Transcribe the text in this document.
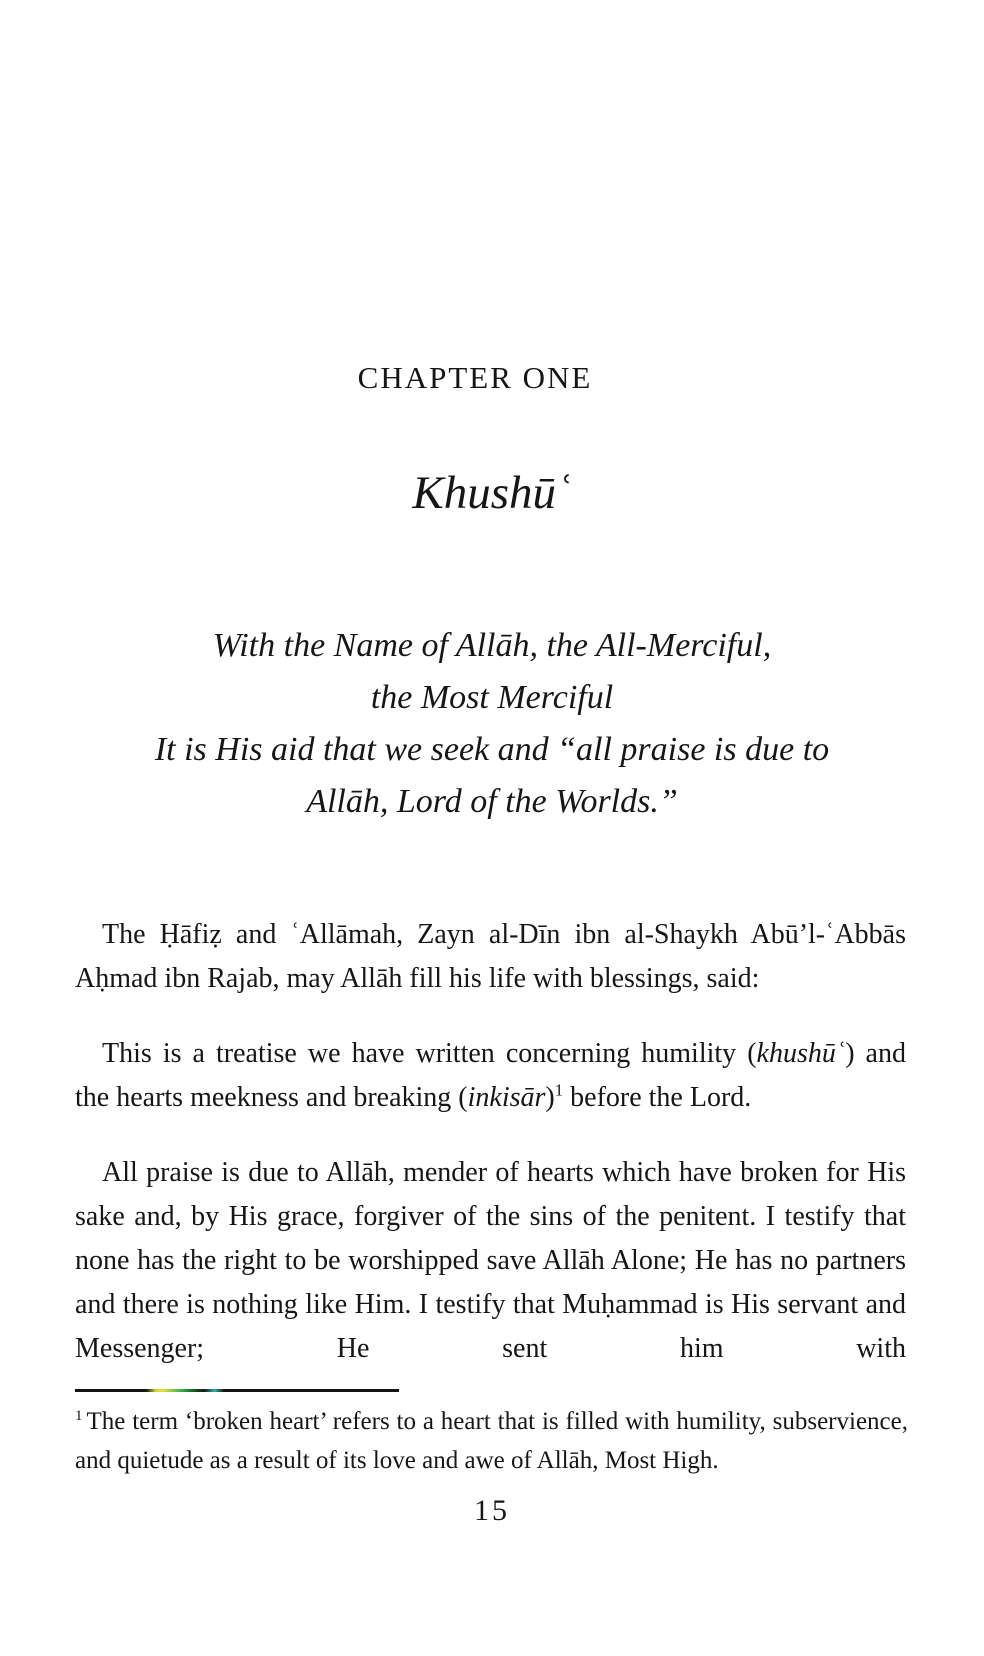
CHAPTER ONE
Khushūʿ
With the Name of Allāh, the All-Merciful,
the Most Merciful
It is His aid that we seek and “all praise is due to
Allāh, Lord of the Worlds.”

The Ḥāfiẓ and ʿAllāmah, Zayn al-Dīn ibn al-Shaykh Abū’l-ʿAbbās Aḥmad ibn Rajab, may Allāh fill his life with blessings, said:

This is a treatise we have written concerning humility (khushūʿ) and the hearts meekness and breaking (inkisār)$^1$ before the Lord.

All praise is due to Allāh, mender of hearts which have broken for His sake and, by His grace, forgiver of the sins of the penitent. I testify that none has the right to be worshipped save Allāh Alone; He has no partners and there is nothing like Him. I testify that Muḥammad is His servant and Messenger; He sent him with

$^1$ The term ‘broken heart’ refers to a heart that is filled with humility, subservience, and quietude as a result of its love and awe of Allāh, Most High.
15
